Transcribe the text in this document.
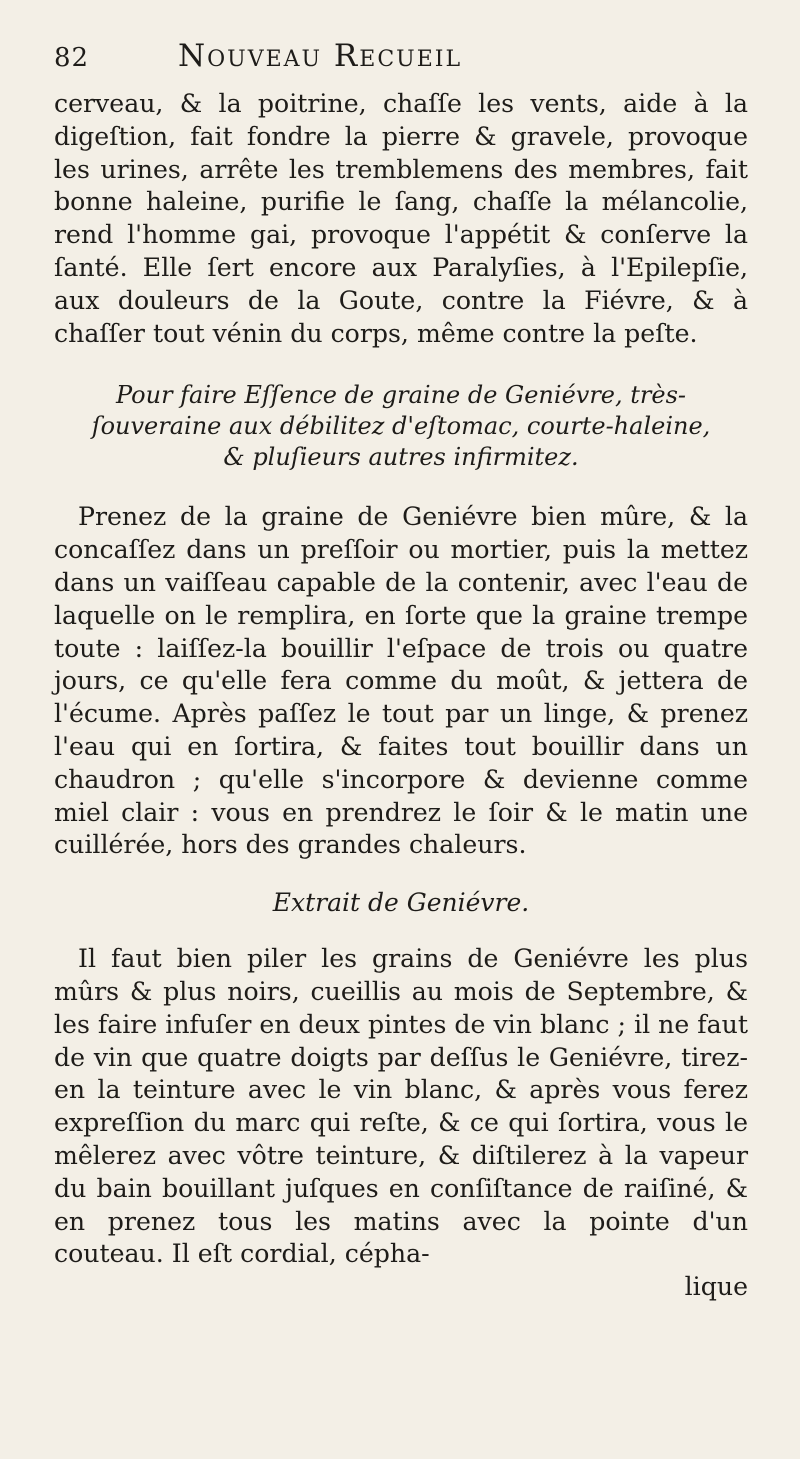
82	Nouveau Recueil

cerveau, & la poitrine, chaſſe les vents, aide à la digeſtion, fait fondre la pierre & gravele, provoque les urines, arrête les tremblemens des membres, fait bonne haleine, purifie le ſang, chaſſe la mélancolie, rend l'homme gai, provoque l'appétit & conſerve la ſanté. Elle ſert encore aux Paralyſies, à l'Epilepſie, aux douleurs de la Goute, contre la Fiévre, & à chaſſer tout vénin du corps, même contre la peſte.

Pour faire Eſſence de graine de Geniévre, très-ſouveraine aux débilitez d'eſtomac, courte-haleine, & pluſieurs autres infirmitez.

Prenez de la graine de Geniévre bien mûre, & la concaſſez dans un preſſoir ou mortier, puis la mettez dans un vaiſſeau capable de la contenir, avec l'eau de laquelle on le remplira, en ſorte que la graine trempe toute : laiſſez-la bouillir l'eſpace de trois ou quatre jours, ce qu'elle fera comme du moût, & jettera de l'écume. Après paſſez le tout par un linge, & prenez l'eau qui en ſortira, & faites tout bouillir dans un chaudron ; qu'elle s'incorpore & devienne comme miel clair : vous en prendrez le ſoir & le matin une cuillérée, hors des grandes chaleurs.

Extrait de Geniévre.

Il faut bien piler les grains de Geniévre les plus mûrs & plus noirs, cueillis au mois de Septembre, & les faire infuſer en deux pintes de vin blanc ; il ne faut de vin que quatre doigts par deſſus le Geniévre, tirez-en la teinture avec le vin blanc, & après vous ferez expreſſion du marc qui reſte, & ce qui ſortira, vous le mêlerez avec vôtre teinture, & diſtilerez à la vapeur du bain bouillant juſques en conſiſtance de raiſiné, & en prenez tous les matins avec la pointe d'un couteau. Il eſt cordial, cépha-

lique
